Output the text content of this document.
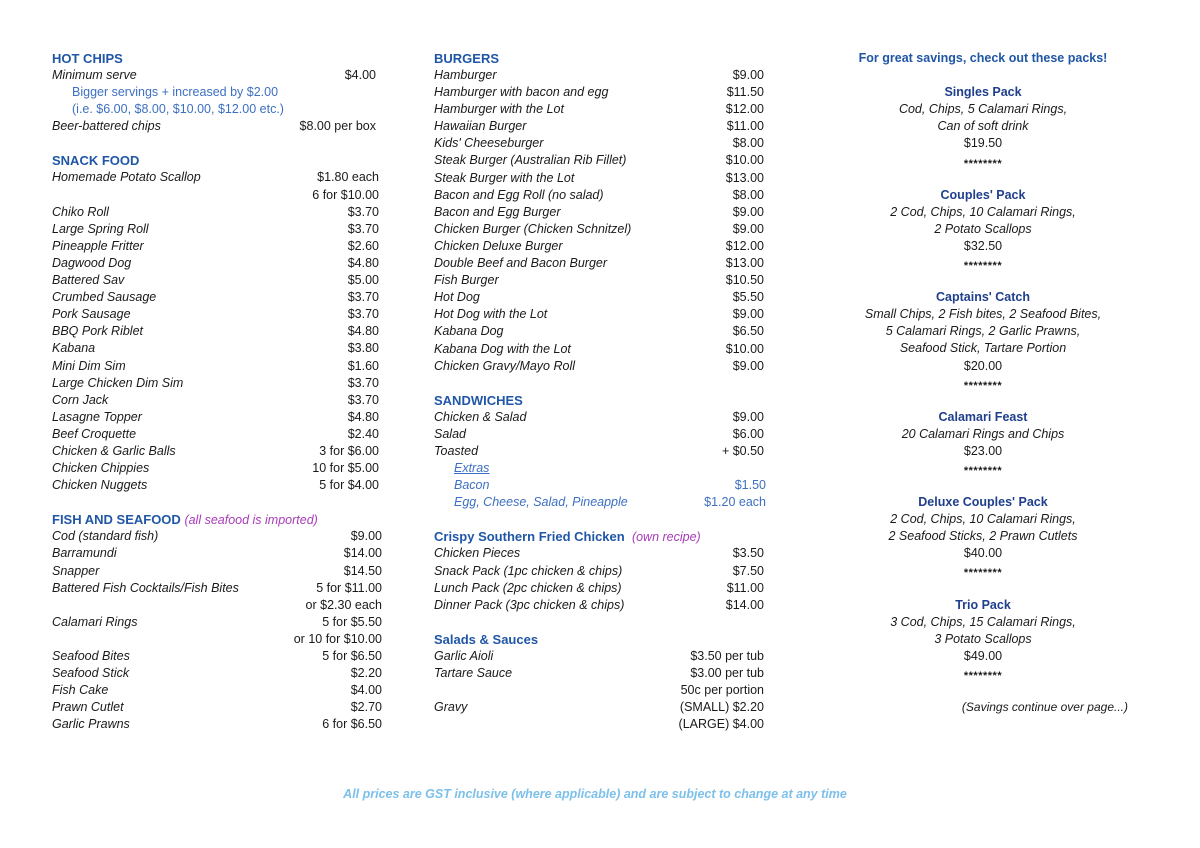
HOT CHIPS
Minimum serve	$4.00
Bigger servings + increased by $2.00
(i.e. $6.00, $8.00, $10.00, $12.00 etc.)
Beer-battered chips	$8.00 per box
SNACK FOOD
Homemade Potato Scallop	$1.80 each
6 for $10.00
Chiko Roll	$3.70
Large Spring Roll	$3.70
Pineapple Fritter	$2.60
Dagwood Dog	$4.80
Battered Sav	$5.00
Crumbed Sausage	$3.70
Pork Sausage	$3.70
BBQ Pork Riblet	$4.80
Kabana	$3.80
Mini Dim Sim	$1.60
Large Chicken Dim Sim	$3.70
Corn Jack	$3.70
Lasagne Topper	$4.80
Beef Croquette	$2.40
Chicken & Garlic Balls	3 for $6.00
Chicken Chippies	10 for $5.00
Chicken Nuggets	5 for $4.00
FISH AND SEAFOOD (all seafood is imported)
Cod (standard fish)	$9.00
Barramundi	$14.00
Snapper	$14.50
Battered Fish Cocktails/Fish Bites	5 for $11.00
or $2.30 each
Calamari Rings	5 for $5.50
or 10 for $10.00
Seafood Bites	5 for $6.50
Seafood Stick	$2.20
Fish Cake	$4.00
Prawn Cutlet	$2.70
Garlic Prawns	6 for $6.50
BURGERS
Hamburger	$9.00
Hamburger with bacon and egg	$11.50
Hamburger with the Lot	$12.00
Hawaiian Burger	$11.00
Kids' Cheeseburger	$8.00
Steak Burger (Australian Rib Fillet)	$10.00
Steak Burger with the Lot	$13.00
Bacon and Egg Roll (no salad)	$8.00
Bacon and Egg Burger	$9.00
Chicken Burger (Chicken Schnitzel)	$9.00
Chicken Deluxe Burger	$12.00
Double Beef and Bacon Burger	$13.00
Fish Burger	$10.50
Hot Dog	$5.50
Hot Dog with the Lot	$9.00
Kabana Dog	$6.50
Kabana Dog with the Lot	$10.00
Chicken Gravy/Mayo Roll	$9.00
SANDWICHES
Chicken & Salad	$9.00
Salad	$6.00
Toasted	+ $0.50
Extras
Bacon	$1.50
Egg, Cheese, Salad, Pineapple	$1.20 each
Crispy Southern Fried Chicken (own recipe)
Chicken Pieces	$3.50
Snack Pack (1pc chicken & chips)	$7.50
Lunch Pack (2pc chicken & chips)	$11.00
Dinner Pack (3pc chicken & chips)	$14.00
Salads & Sauces
Garlic Aioli	$3.50 per tub
Tartare Sauce	$3.00 per tub
50c per portion
Gravy	(SMALL) $2.20
(LARGE) $4.00
For great savings, check out these packs!
Singles Pack
Cod, Chips, 5 Calamari Rings,
Can of soft drink
$19.50
********
Couples' Pack
2 Cod, Chips, 10 Calamari Rings,
2 Potato Scallops
$32.50
********
Captains' Catch
Small Chips, 2 Fish bites, 2 Seafood Bites,
5 Calamari Rings, 2 Garlic Prawns,
Seafood Stick, Tartare Portion
$20.00
********
Calamari Feast
20 Calamari Rings and Chips
$23.00
********
Deluxe Couples' Pack
2 Cod, Chips, 10 Calamari Rings,
2 Seafood Sticks, 2 Prawn Cutlets
$40.00
********
Trio Pack
3 Cod, Chips, 15 Calamari Rings,
3 Potato Scallops
$49.00
********
(Savings continue over page...)
All prices are GST inclusive (where applicable) and are subject to change at any time
